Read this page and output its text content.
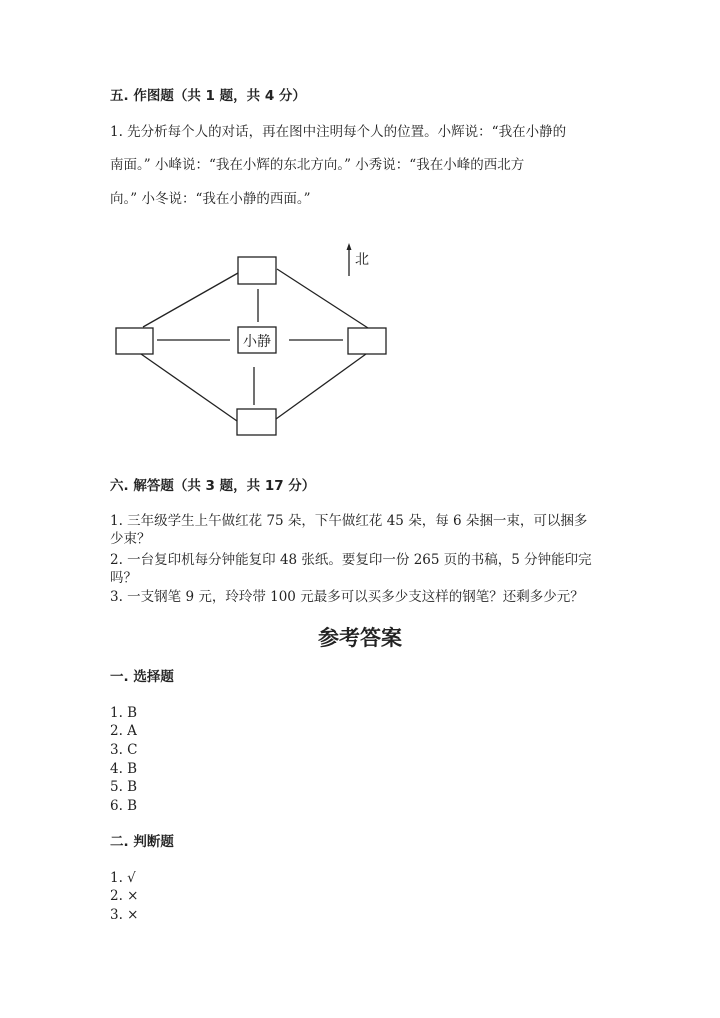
五. 作图题（共 1 题，共 4 分）
1. 先分析每个人的对话，再在图中注明每个人的位置。小辉说：“我在小静的
南面。” 小峰说：“我在小辉的东北方向。” 小秀说：“我在小峰的西北方
向。” 小冬说：“我在小静的西面。”
小静
北
六. 解答题（共 3 题，共 17 分）
1. 三年级学生上午做红花 75 朵，下午做红花 45 朵，每 6 朵捆一束，可以捆多
少束？
2. 一台复印机每分钟能复印 48 张纸。要复印一份 265 页的书稿，5 分钟能印完
吗？
3. 一支钢笔 9 元，玲玲带 100 元最多可以买多少支这样的钢笔？还剩多少元？
参考答案
一. 选择题
1. B
2. A
3. C
4. B
5. B
6. B
二. 判断题
1. √
2. ×
3. ×
